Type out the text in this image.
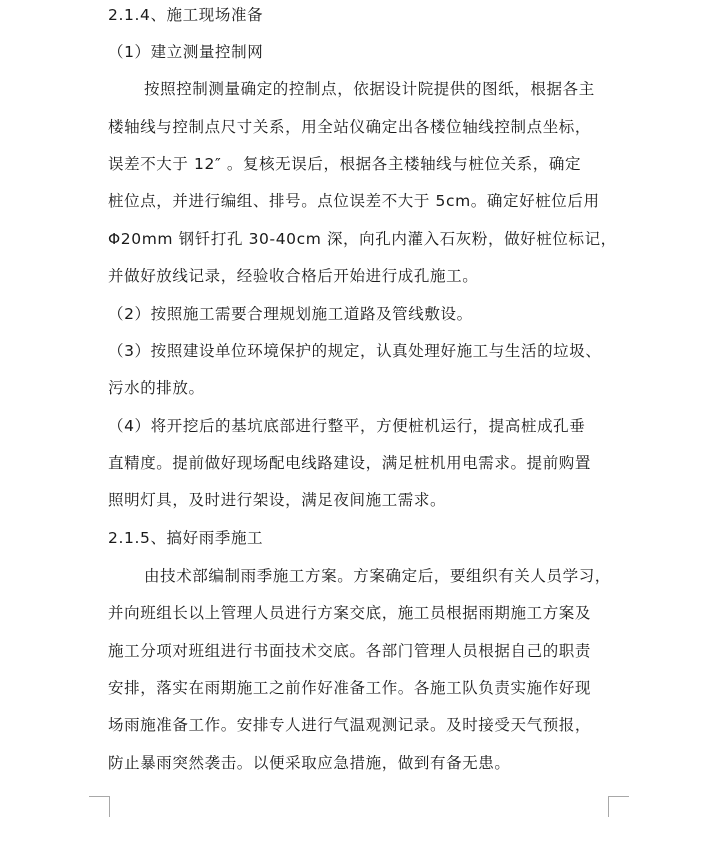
2.1.4、施工现场准备
（1）建立测量控制网
按照控制测量确定的控制点，依据设计院提供的图纸，根据各主
楼轴线与控制点尺寸关系，用全站仪确定出各楼位轴线控制点坐标，
误差不大于 12″ 。复核无误后，根据各主楼轴线与桩位关系，确定
桩位点，并进行编组、排号。点位误差不大于 5cm。确定好桩位后用
Φ20mm 钢钎打孔 30-40cm 深，向孔内灌入石灰粉，做好桩位标记，
并做好放线记录，经验收合格后开始进行成孔施工。
（2）按照施工需要合理规划施工道路及管线敷设。
（3）按照建设单位环境保护的规定，认真处理好施工与生活的垃圾、
污水的排放。
（4）将开挖后的基坑底部进行整平，方便桩机运行，提高桩成孔垂
直精度。提前做好现场配电线路建设，满足桩机用电需求。提前购置
照明灯具，及时进行架设，满足夜间施工需求。
2.1.5、搞好雨季施工
由技术部编制雨季施工方案。方案确定后，要组织有关人员学习，
并向班组长以上管理人员进行方案交底，施工员根据雨期施工方案及
施工分项对班组进行书面技术交底。各部门管理人员根据自己的职责
安排，落实在雨期施工之前作好准备工作。各施工队负责实施作好现
场雨施准备工作。安排专人进行气温观测记录。及时接受天气预报，
防止暴雨突然袭击。以便采取应急措施，做到有备无患。
